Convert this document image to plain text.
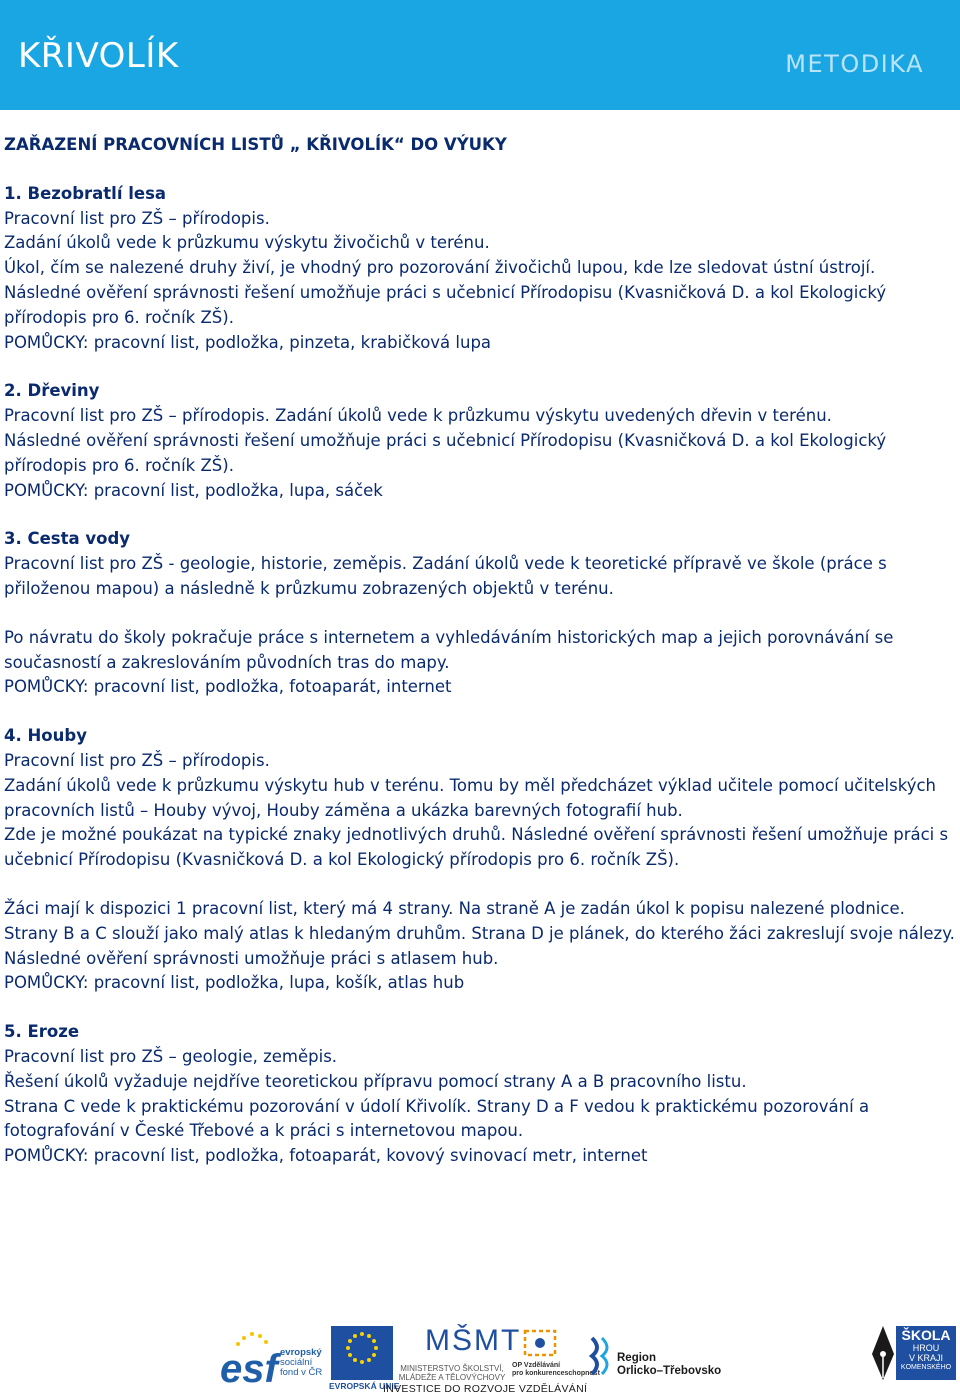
KŘIVOLÍK	METODIKA

ZAŘAZENÍ PRACOVNÍCH LISTŮ „ KŘIVOLÍK“ DO VÝUKY

1. Bezobratlí lesa

Pracovní list pro ZŠ – přírodopis.

Zadání úkolů vede k průzkumu výskytu živočichů v terénu.

Úkol, čím se nalezené druhy živí, je vhodný pro pozorování živočichů lupou, kde lze sledovat ústní ústrojí.

Následné ověření správnosti řešení umožňuje práci s učebnicí Přírodopisu (Kvasničková D. a kol Ekologický přírodopis pro 6. ročník ZŠ).

POMŮCKY: pracovní list, podložka, pinzeta, krabičková lupa

2. Dřeviny

Pracovní list pro ZŠ – přírodopis. Zadání úkolů vede k průzkumu výskytu uvedených dřevin v terénu.

Následné ověření správnosti řešení umožňuje práci s učebnicí Přírodopisu (Kvasničková D. a kol Ekologický přírodopis pro 6. ročník ZŠ).

POMŮCKY: pracovní list, podložka, lupa, sáček

3. Cesta vody

Pracovní list pro ZŠ - geologie, historie, zeměpis. Zadání úkolů vede k teoretické přípravě ve škole (práce s přiloženou mapou) a následně k průzkumu zobrazených objektů v terénu.

Po návratu do školy pokračuje práce s internetem a vyhledáváním historických map a jejich porovnávání se současností a zakreslováním původních tras do mapy.

POMŮCKY: pracovní list, podložka, fotoaparát, internet

4. Houby

Pracovní list pro ZŠ – přírodopis.

Zadání úkolů vede k průzkumu výskytu hub v terénu. Tomu by měl předcházet výklad učitele pomocí učitelských pracovních listů – Houby vývoj, Houby záměna a ukázka barevných fotografií hub.

Zde je možné poukázat na typické znaky jednotlivých druhů. Následné ověření správnosti řešení umožňuje práci s učebnicí Přírodopisu (Kvasničková D. a kol Ekologický přírodopis pro 6. ročník ZŠ).

Žáci mají k dispozici 1 pracovní list, který má 4 strany. Na straně A je zadán úkol k popisu nalezené plodnice. Strany B a C slouží jako malý atlas k hledaným druhům. Strana D je plánek, do kterého žáci zakreslují svoje nálezy. Následné ověření správnosti umožňuje práci s atlasem hub.

POMŮCKY: pracovní list, podložka, lupa, košík, atlas hub

5. Eroze

Pracovní list pro ZŠ – geologie, zeměpis.

Řešení úkolů vyžaduje nejdříve teoretickou přípravu pomocí strany A a B pracovního listu.

Strana C vede k praktickému pozorování v údolí Křivolík. Strany D a F vedou k praktickému pozorování a fotografování v České Třebové a k práci s internetovou mapou.

POMŮCKY: pracovní list, podložka, fotoaparát, kovový svinovací metr, internet

esf evropský
sociální
fond v ČR
EVROPSKÁ UNIE
MŠMT
MINISTERSTVO ŠKOLSTVÍ,
MLÁDEŽE A TĚLOVÝCHOVY
OP Vzdělávání
pro konkurenceschopnost
Region
Orlicko–Třebovsko
ŠKOLA
HROU
V KRAJI
KOMENSKÉHO
INVESTICE DO ROZVOJE VZDĚLÁVÁNÍ
